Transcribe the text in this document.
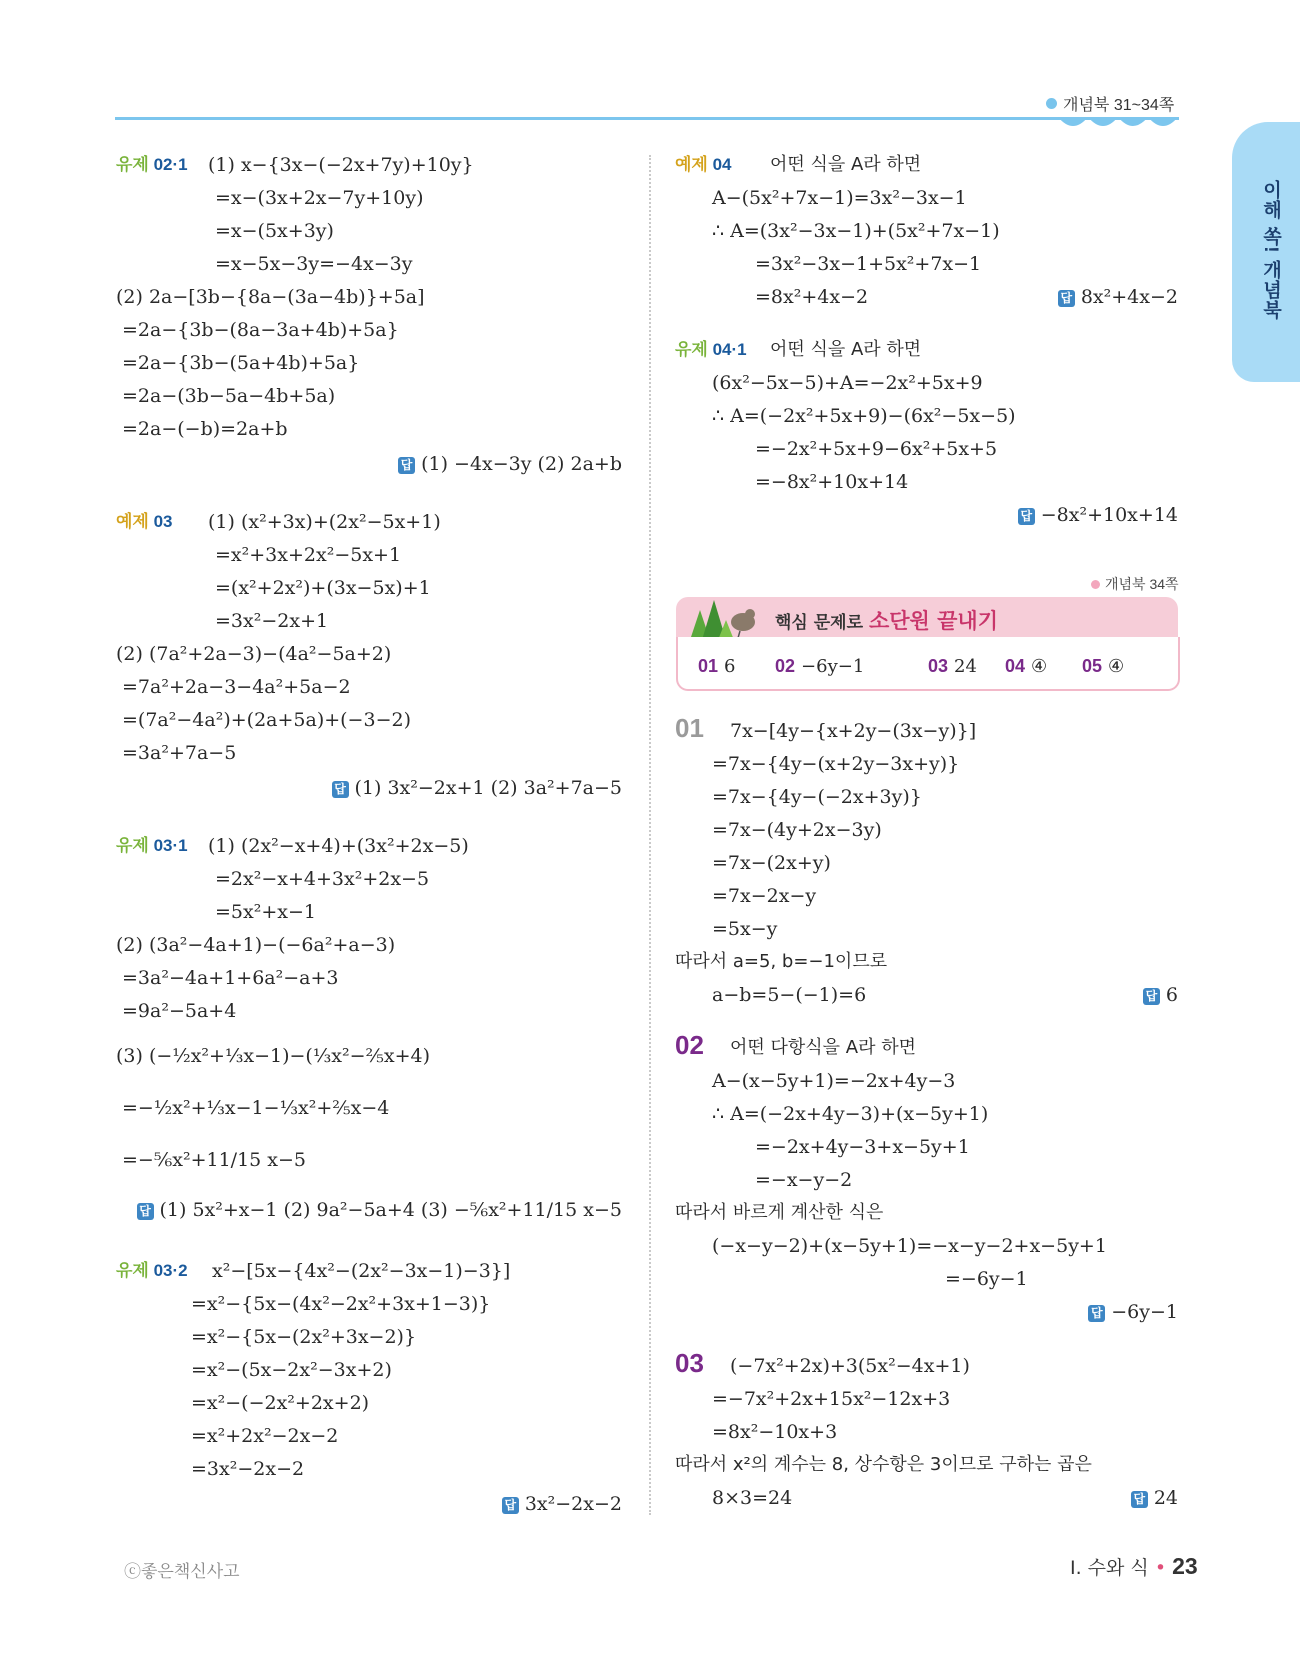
개념북 31~34쪽
이해 쏙! 개념북
유제 02·1 (1) x−{3x−(−2x+7y)+10y}
=x−(3x+2x−7y+10y)
=x−(5x+3y)
=x−5x−3y=−4x−3y
(2) 2a−[3b−{8a−(3a−4b)}+5a]
=2a−{3b−(8a−3a+4b)+5a}
=2a−{3b−(5a+4b)+5a}
=2a−(3b−5a−4b+5a)
=2a−(−b)=2a+b
답 (1) −4x−3y (2) 2a+b
예제 03 (1) (x²+3x)+(2x²−5x+1)
=x²+3x+2x²−5x+1
=(x²+2x²)+(3x−5x)+1
=3x²−2x+1
(2) (7a²+2a−3)−(4a²−5a+2)
=7a²+2a−3−4a²+5a−2
=(7a²−4a²)+(2a+5a)+(−3−2)
=3a²+7a−5
답 (1) 3x²−2x+1 (2) 3a²+7a−5
유제 03·1 (1) (2x²−x+4)+(3x²+2x−5)
=2x²−x+4+3x²+2x−5
=5x²+x−1
(2) (3a²−4a+1)−(−6a²+a−3)
=3a²−4a+1+6a²−a+3
=9a²−5a+4
(3) (−½x²+⅓x−1)−(⅓x²−⅖x+4)
=−½x²+⅓x−1−⅓x²+⅖x−4
=−⅚x²+11/15 x−5
답 (1) 5x²+x−1 (2) 9a²−5a+4 (3) −⅚x²+11/15 x−5
유제 03·2 x²−[5x−{4x²−(2x²−3x−1)−3}]
=x²−{5x−(4x²−2x²+3x+1−3)}
=x²−{5x−(2x²+3x−2)}
=x²−(5x−2x²−3x+2)
=x²−(−2x²+2x+2)
=x²+2x²−2x−2
=3x²−2x−2
답 3x²−2x−2
예제 04 어떤 식을 A라 하면
A−(5x²+7x−1)=3x²−3x−1
∴ A=(3x²−3x−1)+(5x²+7x−1)
=3x²−3x−1+5x²+7x−1
=8x²+4x−2	답 8x²+4x−2
유제 04·1 어떤 식을 A라 하면
(6x²−5x−5)+A=−2x²+5x+9
∴ A=(−2x²+5x+9)−(6x²−5x−5)
=−2x²+5x+9−6x²+5x+5
=−8x²+10x+14
답 −8x²+10x+14
개념북 34쪽
핵심 문제로 소단원 끝내기
01 6 02 −6y−1	03 24 04 ④ 05 ④
01 7x−[4y−{x+2y−(3x−y)}]
=7x−{4y−(x+2y−3x+y)}
=7x−{4y−(−2x+3y)}
=7x−(4y+2x−3y)
=7x−(2x+y)
=7x−2x−y
=5x−y
따라서 a=5, b=−1이므로
a−b=5−(−1)=6	답 6
02 어떤 다항식을 A라 하면
A−(x−5y+1)=−2x+4y−3
∴ A=(−2x+4y−3)+(x−5y+1)
=−2x+4y−3+x−5y+1
=−x−y−2
따라서 바르게 계산한 식은
(−x−y−2)+(x−5y+1)=−x−y−2+x−5y+1
=−6y−1
답 −6y−1
03 (−7x²+2x)+3(5x²−4x+1)
=−7x²+2x+15x²−12x+3
=8x²−10x+3
따라서 x²의 계수는 8, 상수항은 3이므로 구하는 곱은
8×3=24	답 24
ⓒ좋은책신사고	Ⅰ. 수와 식 • 23
